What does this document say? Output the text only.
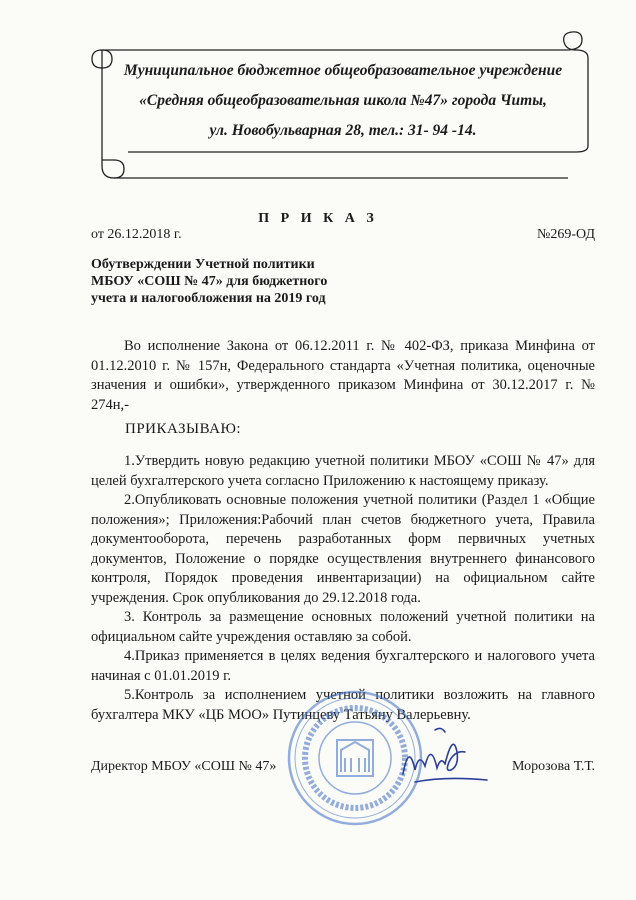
Муниципальное бюджетное общеобразовательное учреждение
«Средняя общеобразовательная школа №47» города Читы,
ул. Новобульварная 28, тел.: 31- 94 -14.
П Р И К А З
от 26.12.2018 г.	№269-ОД
Обутверждении Учетной политики
МБОУ «СОШ № 47» для бюджетного
учета и налогообложения на 2019 год
Во исполнение Закона от 06.12.2011 г. № 402-ФЗ, приказа Минфина от 01.12.2010 г. № 157н, Федерального стандарта «Учетная политика, оценочные значения и ошибки», утвержденного приказом Минфина от 30.12.2017 г. № 274н,-
ПРИКАЗЫВАЮ:

1.Утвердить новую редакцию учетной политики МБОУ «СОШ № 47» для целей бухгалтерского учета согласно Приложению к настоящему приказу.

2.Опубликовать основные положения учетной политики (Раздел 1 «Общие положения»; Приложения:Рабочий план счетов бюджетного учета, Правила документооборота, перечень разработанных форм первичных учетных документов, Положение о порядке осуществления внутреннего финансового контроля, Порядок проведения инвентаризации) на официальном сайте учреждения. Срок опубликования до 29.12.2018 года.

3. Контроль за размещение основных положений учетной политики на официальном сайте учреждения оставляю за собой.

4.Приказ применяется в целях ведения бухгалтерского и налогового учета начиная с 01.01.2019 г.

5.Контроль за исполнением учетной политики возложить на главного бухгалтера МКУ «ЦБ МОО» Путинцеву Татьяну Валерьевну.

Директор МБОУ «СОШ № 47»	Морозова Т.Т.
